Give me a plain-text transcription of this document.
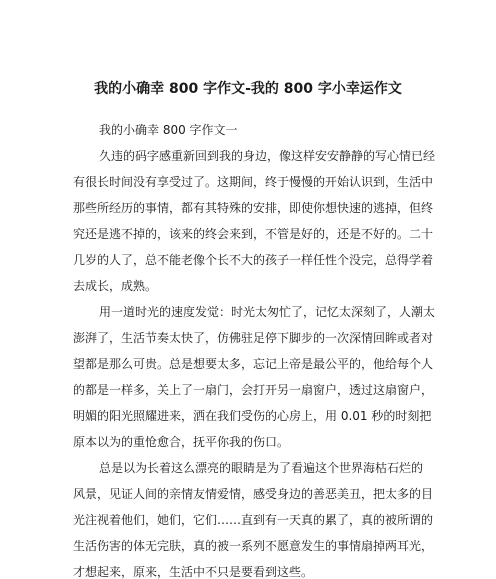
我的小确幸 800 字作文-我的 800 字小幸运作文
我的小确幸 800 字作文一
久违的码字感重新回到我的身边，像这样安安静静的写心情已经
有很长时间没有享受过了。这期间，终于慢慢的开始认识到，生活中
那些所经历的事情，都有其特殊的安排，即使你想快速的逃掉，但终
究还是逃不掉的，该来的终会来到，不管是好的，还是不好的。二十
几岁的人了，总不能老像个长不大的孩子一样任性个没完，总得学着
去成长，成熟。
用一道时光的速度发觉：时光太匆忙了，记忆太深刻了，人潮太
澎湃了，生活节奏太快了，仿佛驻足停下脚步的一次深情回眸或者对
望都是那么可贵。总是想要太多，忘记上帝是最公平的，他给每个人
的都是一样多，关上了一扇门，会打开另一扇窗户，透过这扇窗户，
明媚的阳光照耀进来，洒在我们受伤的心房上，用 0.01 秒的时刻把
原本以为的重怆愈合，抚平你我的伤口。
总是以为长着这么漂亮的眼睛是为了看遍这个世界海枯石烂的
风景，见证人间的亲情友情爱情，感受身边的善恶美丑，把太多的目
光注视着他们，她们，它们……直到有一天真的累了，真的被所谓的
生活伤害的体无完肤，真的被一系列不愿意发生的事情扇掉两耳光，
才想起来，原来，生活中不只是要看到这些。
